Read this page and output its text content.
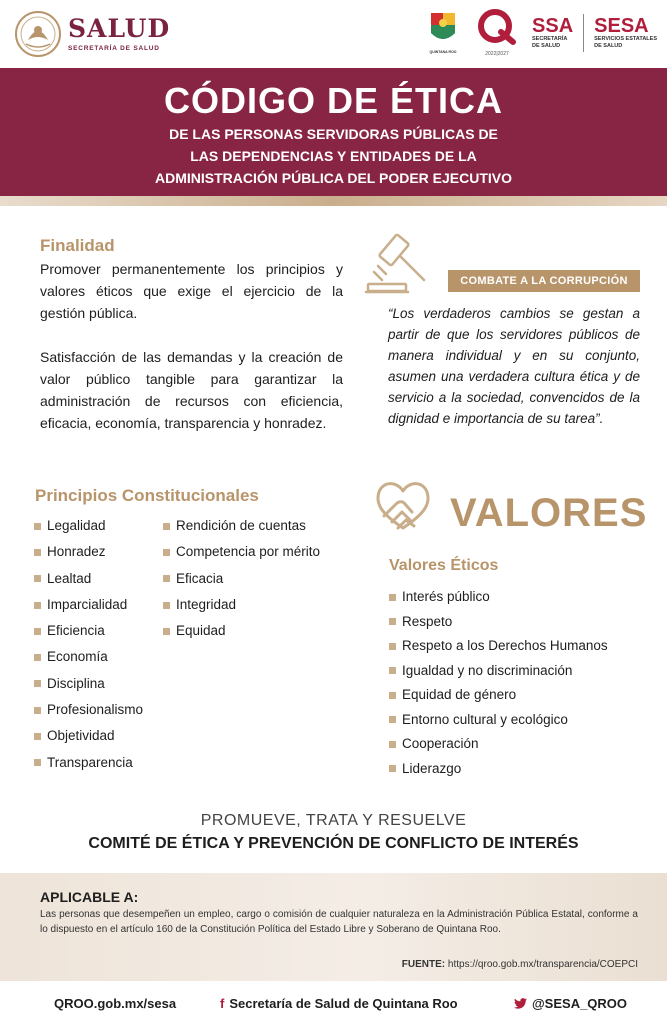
SALUD
SECRETARÍA DE SALUD	QUINTANA ROO	2022|2027
SSA
SECRETARÍA
DE SALUD
SESA
SERVICIOS ESTATALES
DE SALUD
CÓDIGO DE ÉTICA
DE LAS PERSONAS SERVIDORAS PÚBLICAS DE
LAS DEPENDENCIAS Y ENTIDADES DE LA
ADMINISTRACIÓN PÚBLICA DEL PODER EJECUTIVO
Finalidad

Promover permanentemente los principios y valores éticos que exige el ejercicio de la gestión pública.

Satisfacción de las demandas y la creación de valor público tangible para garantizar la administración de recursos con eficiencia, eficacia, economía, transparencia y honradez.

COMBATE A LA CORRUPCIÓN

“Los verdaderos cambios se gestan a partir de que los servidores públicos de manera individual y en su conjunto, asumen una verdadera cultura ética y de servicio a la sociedad, convencidos de la dignidad e importancia de su tarea”.

Principios Constitucionales
Legalidad
Honradez
Lealtad
Imparcialidad
Eficiencia
Economía
Disciplina
Profesionalismo
Objetividad
Transparencia
Rendición de cuentas
Competencia por mérito
Eficacia
Integridad
Equidad
VALORES
Valores Éticos
Interés público
Respeto
Respeto a los Derechos Humanos
Igualdad y no discriminación
Equidad de género
Entorno cultural y ecológico
Cooperación
Liderazgo
PROMUEVE, TRATA Y RESUELVE
COMITÉ DE ÉTICA Y PREVENCIÓN DE CONFLICTO DE INTERÉS
APLICABLE A:

Las personas que desempeñen un empleo, cargo o comisión de cualquier naturaleza en la Administración Pública Estatal, conforme a lo dispuesto en el artículo 160 de la Constitución Política del Estado Libre y Soberano de Quintana Roo.

FUENTE: https://qroo.gob.mx/transparencia/COEPCI
QROO.gob.mx/sesa	f Secretaría de Salud de Quintana Roo	@SESA_QROO
